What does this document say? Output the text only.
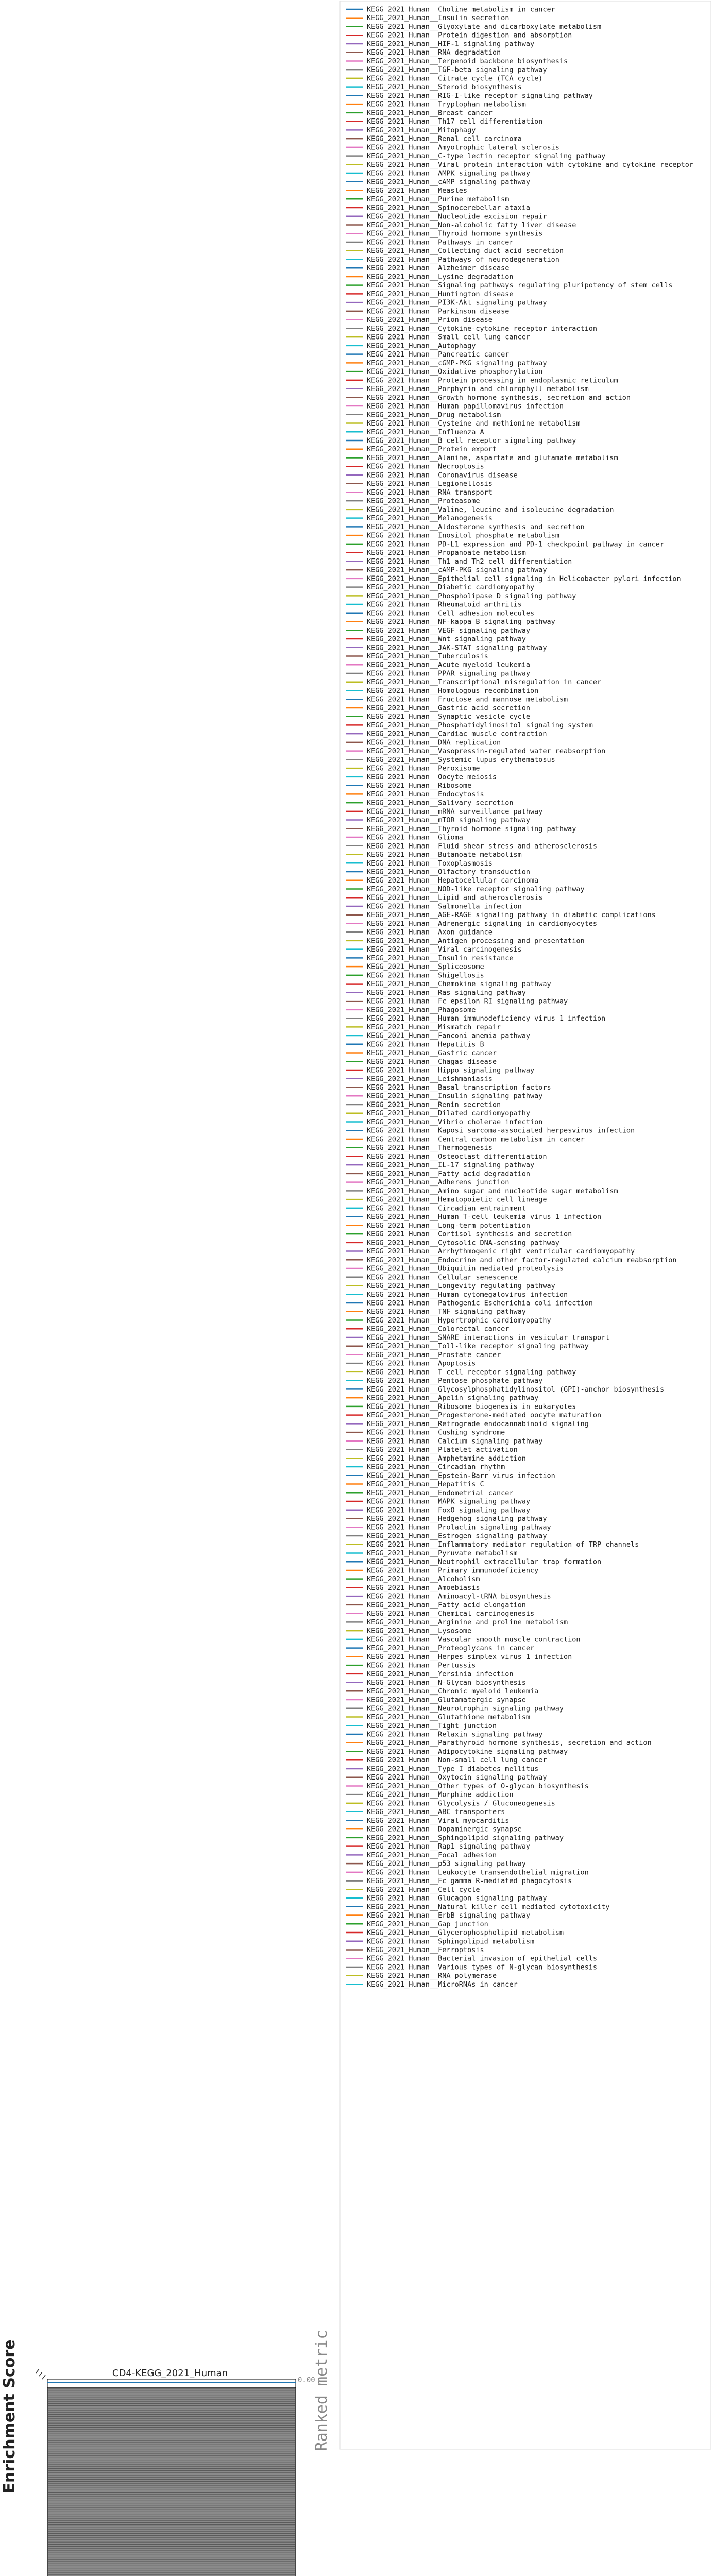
KEGG_2021_Human__Choline metabolism in cancer
KEGG_2021_Human__Insulin secretion
KEGG_2021_Human__Glyoxylate and dicarboxylate metabolism
KEGG_2021_Human__Protein digestion and absorption
KEGG_2021_Human__HIF-1 signaling pathway
KEGG_2021_Human__RNA degradation
KEGG_2021_Human__Terpenoid backbone biosynthesis
KEGG_2021_Human__TGF-beta signaling pathway
KEGG_2021_Human__Citrate cycle (TCA cycle)
KEGG_2021_Human__Steroid biosynthesis
KEGG_2021_Human__RIG-I-like receptor signaling pathway
KEGG_2021_Human__Tryptophan metabolism
KEGG_2021_Human__Breast cancer
KEGG_2021_Human__Th17 cell differentiation
KEGG_2021_Human__Mitophagy
KEGG_2021_Human__Renal cell carcinoma
KEGG_2021_Human__Amyotrophic lateral sclerosis
KEGG_2021_Human__C-type lectin receptor signaling pathway
KEGG_2021_Human__Viral protein interaction with cytokine and cytokine receptor
KEGG_2021_Human__AMPK signaling pathway
KEGG_2021_Human__cAMP signaling pathway
KEGG_2021_Human__Measles
KEGG_2021_Human__Purine metabolism
KEGG_2021_Human__Spinocerebellar ataxia
KEGG_2021_Human__Nucleotide excision repair
KEGG_2021_Human__Non-alcoholic fatty liver disease
KEGG_2021_Human__Thyroid hormone synthesis
KEGG_2021_Human__Pathways in cancer
KEGG_2021_Human__Collecting duct acid secretion
KEGG_2021_Human__Pathways of neurodegeneration
KEGG_2021_Human__Alzheimer disease
KEGG_2021_Human__Lysine degradation
KEGG_2021_Human__Signaling pathways regulating pluripotency of stem cells
KEGG_2021_Human__Huntington disease
KEGG_2021_Human__PI3K-Akt signaling pathway
KEGG_2021_Human__Parkinson disease
KEGG_2021_Human__Prion disease
KEGG_2021_Human__Cytokine-cytokine receptor interaction
KEGG_2021_Human__Small cell lung cancer
KEGG_2021_Human__Autophagy
KEGG_2021_Human__Pancreatic cancer
KEGG_2021_Human__cGMP-PKG signaling pathway
KEGG_2021_Human__Oxidative phosphorylation
KEGG_2021_Human__Protein processing in endoplasmic reticulum
KEGG_2021_Human__Porphyrin and chlorophyll metabolism
KEGG_2021_Human__Growth hormone synthesis, secretion and action
KEGG_2021_Human__Human papillomavirus infection
KEGG_2021_Human__Drug metabolism
KEGG_2021_Human__Cysteine and methionine metabolism
KEGG_2021_Human__Influenza A
KEGG_2021_Human__B cell receptor signaling pathway
KEGG_2021_Human__Protein export
KEGG_2021_Human__Alanine, aspartate and glutamate metabolism
KEGG_2021_Human__Necroptosis
KEGG_2021_Human__Coronavirus disease
KEGG_2021_Human__Legionellosis
KEGG_2021_Human__RNA transport
KEGG_2021_Human__Proteasome
KEGG_2021_Human__Valine, leucine and isoleucine degradation
KEGG_2021_Human__Melanogenesis
KEGG_2021_Human__Aldosterone synthesis and secretion
KEGG_2021_Human__Inositol phosphate metabolism
KEGG_2021_Human__PD-L1 expression and PD-1 checkpoint pathway in cancer
KEGG_2021_Human__Propanoate metabolism
KEGG_2021_Human__Th1 and Th2 cell differentiation
KEGG_2021_Human__cAMP-PKG signaling pathway
KEGG_2021_Human__Epithelial cell signaling in Helicobacter pylori infection
KEGG_2021_Human__Diabetic cardiomyopathy
KEGG_2021_Human__Phospholipase D signaling pathway
KEGG_2021_Human__Rheumatoid arthritis
KEGG_2021_Human__Cell adhesion molecules
KEGG_2021_Human__NF-kappa B signaling pathway
KEGG_2021_Human__VEGF signaling pathway
KEGG_2021_Human__Wnt signaling pathway
KEGG_2021_Human__JAK-STAT signaling pathway
KEGG_2021_Human__Tuberculosis
KEGG_2021_Human__Acute myeloid leukemia
KEGG_2021_Human__PPAR signaling pathway
KEGG_2021_Human__Transcriptional misregulation in cancer
KEGG_2021_Human__Homologous recombination
KEGG_2021_Human__Fructose and mannose metabolism
KEGG_2021_Human__Gastric acid secretion
KEGG_2021_Human__Synaptic vesicle cycle
KEGG_2021_Human__Phosphatidylinositol signaling system
KEGG_2021_Human__Cardiac muscle contraction
KEGG_2021_Human__DNA replication
KEGG_2021_Human__Vasopressin-regulated water reabsorption
KEGG_2021_Human__Systemic lupus erythematosus
KEGG_2021_Human__Peroxisome
KEGG_2021_Human__Oocyte meiosis
KEGG_2021_Human__Ribosome
KEGG_2021_Human__Endocytosis
KEGG_2021_Human__Salivary secretion
KEGG_2021_Human__mRNA surveillance pathway
KEGG_2021_Human__mTOR signaling pathway
KEGG_2021_Human__Thyroid hormone signaling pathway
KEGG_2021_Human__Glioma
KEGG_2021_Human__Fluid shear stress and atherosclerosis
KEGG_2021_Human__Butanoate metabolism
KEGG_2021_Human__Toxoplasmosis
KEGG_2021_Human__Olfactory transduction
KEGG_2021_Human__Hepatocellular carcinoma
KEGG_2021_Human__NOD-like receptor signaling pathway
KEGG_2021_Human__Lipid and atherosclerosis
KEGG_2021_Human__Salmonella infection
KEGG_2021_Human__AGE-RAGE signaling pathway in diabetic complications
KEGG_2021_Human__Adrenergic signaling in cardiomyocytes
KEGG_2021_Human__Axon guidance
KEGG_2021_Human__Antigen processing and presentation
KEGG_2021_Human__Viral carcinogenesis
KEGG_2021_Human__Insulin resistance
KEGG_2021_Human__Spliceosome
KEGG_2021_Human__Shigellosis
KEGG_2021_Human__Chemokine signaling pathway
KEGG_2021_Human__Ras signaling pathway
KEGG_2021_Human__Fc epsilon RI signaling pathway
KEGG_2021_Human__Phagosome
KEGG_2021_Human__Human immunodeficiency virus 1 infection
KEGG_2021_Human__Mismatch repair
KEGG_2021_Human__Fanconi anemia pathway
KEGG_2021_Human__Hepatitis B
KEGG_2021_Human__Gastric cancer
KEGG_2021_Human__Chagas disease
KEGG_2021_Human__Hippo signaling pathway
KEGG_2021_Human__Leishmaniasis
KEGG_2021_Human__Basal transcription factors
KEGG_2021_Human__Insulin signaling pathway
KEGG_2021_Human__Renin secretion
KEGG_2021_Human__Dilated cardiomyopathy
KEGG_2021_Human__Vibrio cholerae infection
KEGG_2021_Human__Kaposi sarcoma-associated herpesvirus infection
KEGG_2021_Human__Central carbon metabolism in cancer
KEGG_2021_Human__Thermogenesis
KEGG_2021_Human__Osteoclast differentiation
KEGG_2021_Human__IL-17 signaling pathway
KEGG_2021_Human__Fatty acid degradation
KEGG_2021_Human__Adherens junction
KEGG_2021_Human__Amino sugar and nucleotide sugar metabolism
KEGG_2021_Human__Hematopoietic cell lineage
KEGG_2021_Human__Circadian entrainment
KEGG_2021_Human__Human T-cell leukemia virus 1 infection
KEGG_2021_Human__Long-term potentiation
KEGG_2021_Human__Cortisol synthesis and secretion
KEGG_2021_Human__Cytosolic DNA-sensing pathway
KEGG_2021_Human__Arrhythmogenic right ventricular cardiomyopathy
KEGG_2021_Human__Endocrine and other factor-regulated calcium reabsorption
KEGG_2021_Human__Ubiquitin mediated proteolysis
KEGG_2021_Human__Cellular senescence
KEGG_2021_Human__Longevity regulating pathway
KEGG_2021_Human__Human cytomegalovirus infection
KEGG_2021_Human__Pathogenic Escherichia coli infection
KEGG_2021_Human__TNF signaling pathway
KEGG_2021_Human__Hypertrophic cardiomyopathy
KEGG_2021_Human__Colorectal cancer
KEGG_2021_Human__SNARE interactions in vesicular transport
KEGG_2021_Human__Toll-like receptor signaling pathway
KEGG_2021_Human__Prostate cancer
KEGG_2021_Human__Apoptosis
KEGG_2021_Human__T cell receptor signaling pathway
KEGG_2021_Human__Pentose phosphate pathway
KEGG_2021_Human__Glycosylphosphatidylinositol (GPI)-anchor biosynthesis
KEGG_2021_Human__Apelin signaling pathway
KEGG_2021_Human__Ribosome biogenesis in eukaryotes
KEGG_2021_Human__Progesterone-mediated oocyte maturation
KEGG_2021_Human__Retrograde endocannabinoid signaling
KEGG_2021_Human__Cushing syndrome
KEGG_2021_Human__Calcium signaling pathway
KEGG_2021_Human__Platelet activation
KEGG_2021_Human__Amphetamine addiction
KEGG_2021_Human__Circadian rhythm
KEGG_2021_Human__Epstein-Barr virus infection
KEGG_2021_Human__Hepatitis C
KEGG_2021_Human__Endometrial cancer
KEGG_2021_Human__MAPK signaling pathway
KEGG_2021_Human__FoxO signaling pathway
KEGG_2021_Human__Hedgehog signaling pathway
KEGG_2021_Human__Prolactin signaling pathway
KEGG_2021_Human__Estrogen signaling pathway
KEGG_2021_Human__Inflammatory mediator regulation of TRP channels
KEGG_2021_Human__Pyruvate metabolism
KEGG_2021_Human__Neutrophil extracellular trap formation
KEGG_2021_Human__Primary immunodeficiency
KEGG_2021_Human__Alcoholism
KEGG_2021_Human__Amoebiasis
KEGG_2021_Human__Aminoacyl-tRNA biosynthesis
KEGG_2021_Human__Fatty acid elongation
KEGG_2021_Human__Chemical carcinogenesis
KEGG_2021_Human__Arginine and proline metabolism
KEGG_2021_Human__Lysosome
KEGG_2021_Human__Vascular smooth muscle contraction
KEGG_2021_Human__Proteoglycans in cancer
KEGG_2021_Human__Herpes simplex virus 1 infection
KEGG_2021_Human__Pertussis
KEGG_2021_Human__Yersinia infection
KEGG_2021_Human__N-Glycan biosynthesis
KEGG_2021_Human__Chronic myeloid leukemia
KEGG_2021_Human__Glutamatergic synapse
KEGG_2021_Human__Neurotrophin signaling pathway
KEGG_2021_Human__Glutathione metabolism
KEGG_2021_Human__Tight junction
KEGG_2021_Human__Relaxin signaling pathway
KEGG_2021_Human__Parathyroid hormone synthesis, secretion and action
KEGG_2021_Human__Adipocytokine signaling pathway
KEGG_2021_Human__Non-small cell lung cancer
KEGG_2021_Human__Type I diabetes mellitus
KEGG_2021_Human__Oxytocin signaling pathway
KEGG_2021_Human__Other types of O-glycan biosynthesis
KEGG_2021_Human__Morphine addiction
KEGG_2021_Human__Glycolysis / Gluconeogenesis
KEGG_2021_Human__ABC transporters
KEGG_2021_Human__Viral myocarditis
KEGG_2021_Human__Dopaminergic synapse
KEGG_2021_Human__Sphingolipid signaling pathway
KEGG_2021_Human__Rap1 signaling pathway
KEGG_2021_Human__Focal adhesion
KEGG_2021_Human__p53 signaling pathway
KEGG_2021_Human__Leukocyte transendothelial migration
KEGG_2021_Human__Fc gamma R-mediated phagocytosis
KEGG_2021_Human__Cell cycle
KEGG_2021_Human__Glucagon signaling pathway
KEGG_2021_Human__Natural killer cell mediated cytotoxicity
KEGG_2021_Human__ErbB signaling pathway
KEGG_2021_Human__Gap junction
KEGG_2021_Human__Glycerophospholipid metabolism
KEGG_2021_Human__Sphingolipid metabolism
KEGG_2021_Human__Ferroptosis
KEGG_2021_Human__Bacterial invasion of epithelial cells
KEGG_2021_Human__Various types of N-glycan biosynthesis
KEGG_2021_Human__RNA polymerase
KEGG_2021_Human__MicroRNAs in cancer
CD4-KEGG_2021_Human
0.00
Enrichment Score	Ranked metric
